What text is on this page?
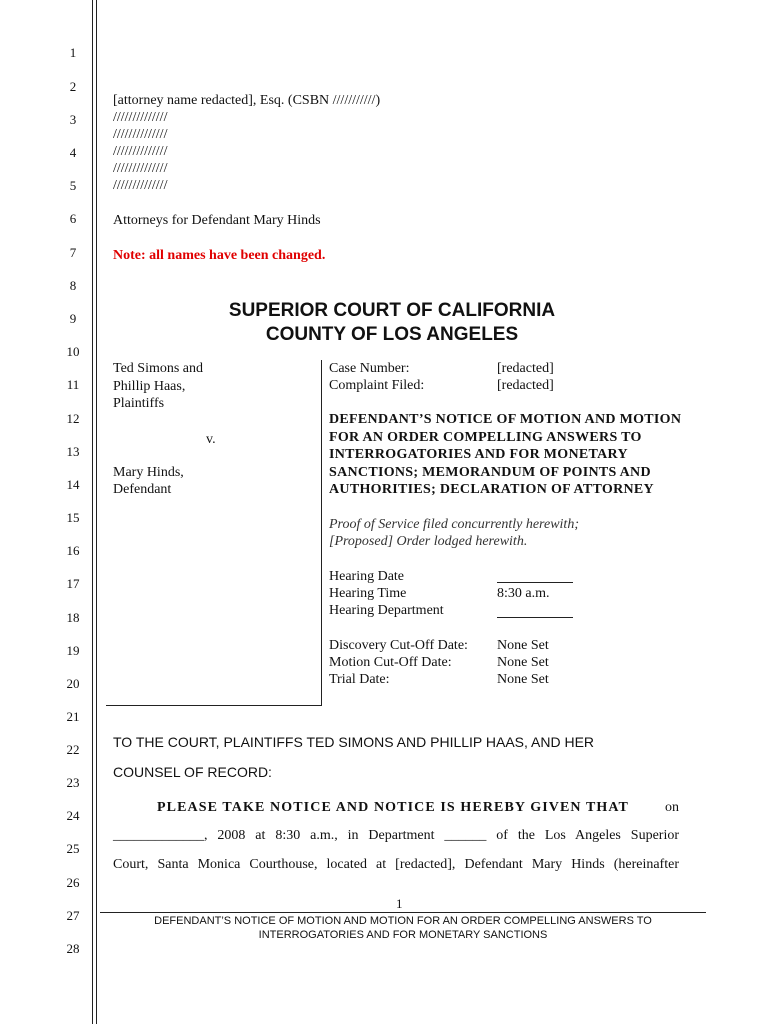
1
2
3
4
5
6
7
8
9
10
11
12
13
14
15
16
17
18
19
20
21
22
23
24
25
26
27
28
[attorney name redacted], Esq. (CSBN ///////////)
//////////////
//////////////
//////////////
//////////////
//////////////
Attorneys for Defendant Mary Hinds
Note: all names have been changed.
SUPERIOR COURT OF CALIFORNIA
COUNTY OF LOS ANGELES
Ted Simons and
Phillip Haas,
Plaintiffs
v.
Mary Hinds,
Defendant
Case Number:	[redacted]
Complaint Filed:	[redacted]
DEFENDANT’S NOTICE OF MOTION AND MOTION FOR AN ORDER COMPELLING ANSWERS TO INTERROGATORIES AND FOR MONETARY SANCTIONS; MEMORANDUM OF POINTS AND AUTHORITIES; DECLARATION OF ATTORNEY
Proof of Service filed concurrently herewith;
[Proposed] Order lodged herewith.
Hearing Date
Hearing Time	8:30 a.m.
Hearing Department
Discovery Cut-Off Date: None Set
Motion Cut-Off Date:	None Set
Trial Date:	None Set
TO THE COURT, PLAINTIFFS TED SIMONS AND PHILLIP HAAS, AND HER
COUNSEL OF RECORD:
PLEASE TAKE NOTICE AND NOTICE IS HEREBY GIVEN THAT	on
_____________, 2008 at 8:30 a.m., in Department ______ of the Los Angeles Superior
Court, Santa Monica Courthouse, located at [redacted], Defendant Mary Hinds (hereinafter
1
DEFENDANT’S NOTICE OF MOTION AND MOTION FOR AN ORDER COMPELLING ANSWERS TO
INTERROGATORIES AND FOR MONETARY SANCTIONS
